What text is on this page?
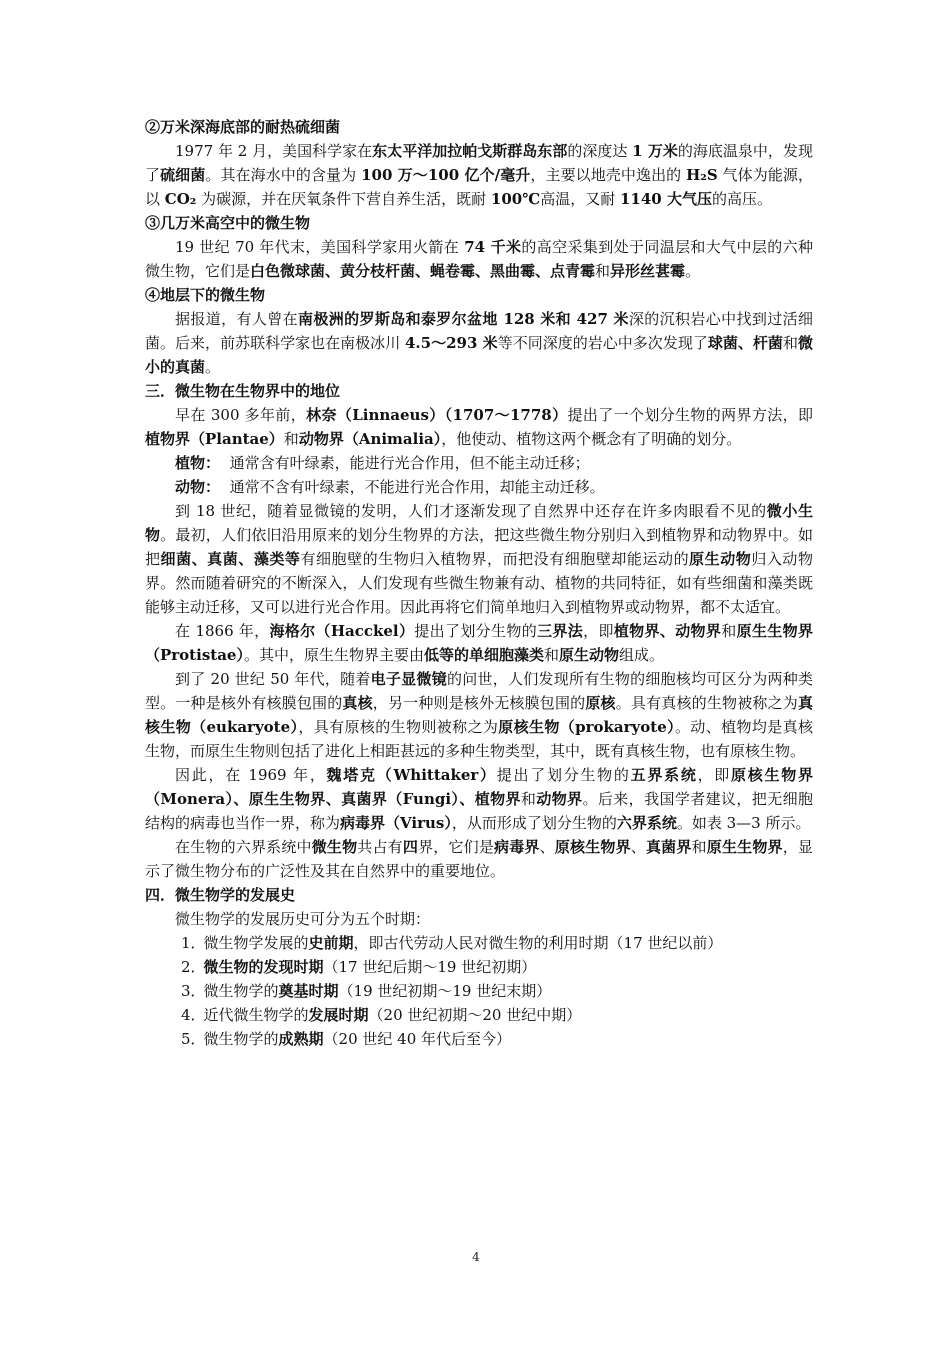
②万米深海底部的耐热硫细菌

1977 年 2 月，美国科学家在东太平洋加拉帕戈斯群岛东部的深度达 1 万米的海底温泉中，发现了硫细菌。其在海水中的含量为 100 万～100 亿个/毫升，主要以地壳中逸出的 H₂S 气体为能源，以 CO₂ 为碳源，并在厌氧条件下营自养生活，既耐 100℃高温，又耐 1140 大气压的高压。

③几万米高空中的微生物

19 世纪 70 年代末，美国科学家用火箭在 74 千米的高空采集到处于同温层和大气中层的六种微生物，它们是白色微球菌、黄分枝杆菌、蝇卷霉、黑曲霉、点青霉和异形丝葚霉。

④地层下的微生物

据报道，有人曾在南极洲的罗斯岛和泰罗尔盆地 128 米和 427 米深的沉积岩心中找到过活细菌。后来，前苏联科学家也在南极冰川 4.5～293 米等不同深度的岩心中多次发现了球菌、杆菌和微小的真菌。

三．微生物在生物界中的地位

早在 300 多年前，林奈（Linnaeus）（1707～1778）提出了一个划分生物的两界方法，即植物界（Plantae）和动物界（Animalia），他使动、植物这两个概念有了明确的划分。

植物： 通常含有叶绿素，能进行光合作用，但不能主动迁移；

动物： 通常不含有叶绿素，不能进行光合作用，却能主动迁移。

到 18 世纪，随着显微镜的发明，人们才逐渐发现了自然界中还存在许多肉眼看不见的微小生物。最初，人们依旧沿用原来的划分生物界的方法，把这些微生物分别归入到植物界和动物界中。如把细菌、真菌、藻类等有细胞壁的生物归入植物界，而把没有细胞壁却能运动的原生动物归入动物界。然而随着研究的不断深入，人们发现有些微生物兼有动、植物的共同特征，如有些细菌和藻类既能够主动迁移，又可以进行光合作用。因此再将它们简单地归入到植物界或动物界，都不太适宜。

在 1866 年，海格尔（Hacckel）提出了划分生物的三界法，即植物界、动物界和原生生物界（Protistae）。其中，原生生物界主要由低等的单细胞藻类和原生动物组成。

到了 20 世纪 50 年代，随着电子显微镜的问世，人们发现所有生物的细胞核均可区分为两种类型。一种是核外有核膜包围的真核，另一种则是核外无核膜包围的原核。具有真核的生物被称之为真核生物（eukaryote），具有原核的生物则被称之为原核生物（prokaryote）。动、植物均是真核生物，而原生生物则包括了进化上相距甚远的多种生物类型，其中，既有真核生物，也有原核生物。

因此，在 1969 年，魏塔克（Whittaker）提出了划分生物的五界系统，即原核生物界（Monera）、原生生物界、真菌界（Fungi）、植物界和动物界。后来，我国学者建议，把无细胞结构的病毒也当作一界，称为病毒界（Virus），从而形成了划分生物的六界系统。如表 3—3 所示。

在生物的六界系统中微生物共占有四界，它们是病毒界、原核生物界、真菌界和原生生物界，显示了微生物分布的广泛性及其在自然界中的重要地位。

四．微生物学的发展史

微生物学的发展历史可分为五个时期：

1．微生物学发展的史前期，即古代劳动人民对微生物的利用时期（17 世纪以前）

2．微生物的发现时期（17 世纪后期～19 世纪初期）

3．微生物学的奠基时期（19 世纪初期～19 世纪末期）

4．近代微生物学的发展时期（20 世纪初期～20 世纪中期）

5．微生物学的成熟期（20 世纪 40 年代后至今）

4
